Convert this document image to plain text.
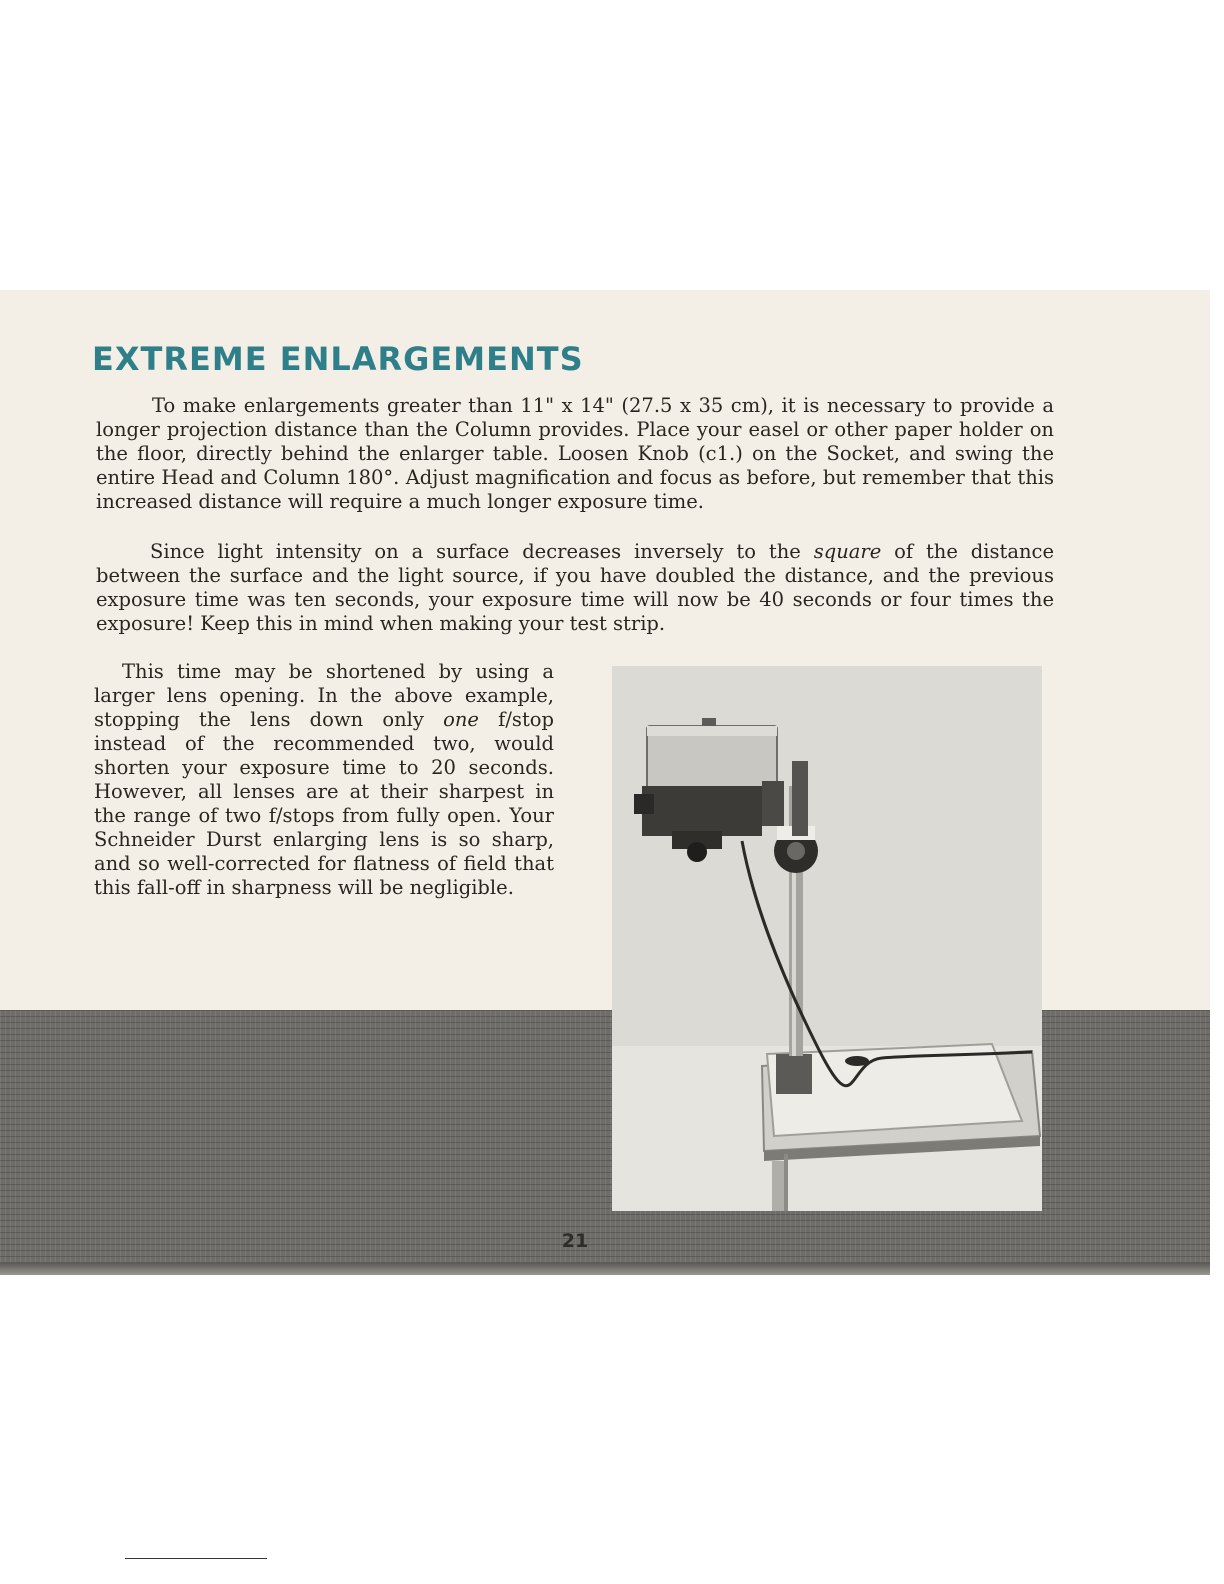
EXTREME ENLARGEMENTS

To make enlargements greater than 11" x 14" (27.5 x 35 cm), it is necessary to provide a longer projection distance than the Column provides. Place your easel or other paper holder on the floor, directly behind the enlarger table. Loosen Knob (c1.) on the Socket, and swing the entire Head and Column 180°. Adjust magnification and focus as before, but remember that this increased distance will require a much longer exposure time.

Since light intensity on a surface decreases inversely to the square of the distance between the surface and the light source, if you have doubled the distance, and the previous exposure time was ten seconds, your exposure time will now be 40 seconds or four times the exposure! Keep this in mind when making your test strip.

This time may be shortened by using a larger lens opening. In the above example, stopping the lens down only one f/stop instead of the recommended two, would shorten your exposure time to 20 seconds. However, all lenses are at their sharpest in the range of two f/stops from fully open. Your Schneider Durst enlarging lens is so sharp, and so well-corrected for flatness of field that this fall-off in sharpness will be negligible.

21
